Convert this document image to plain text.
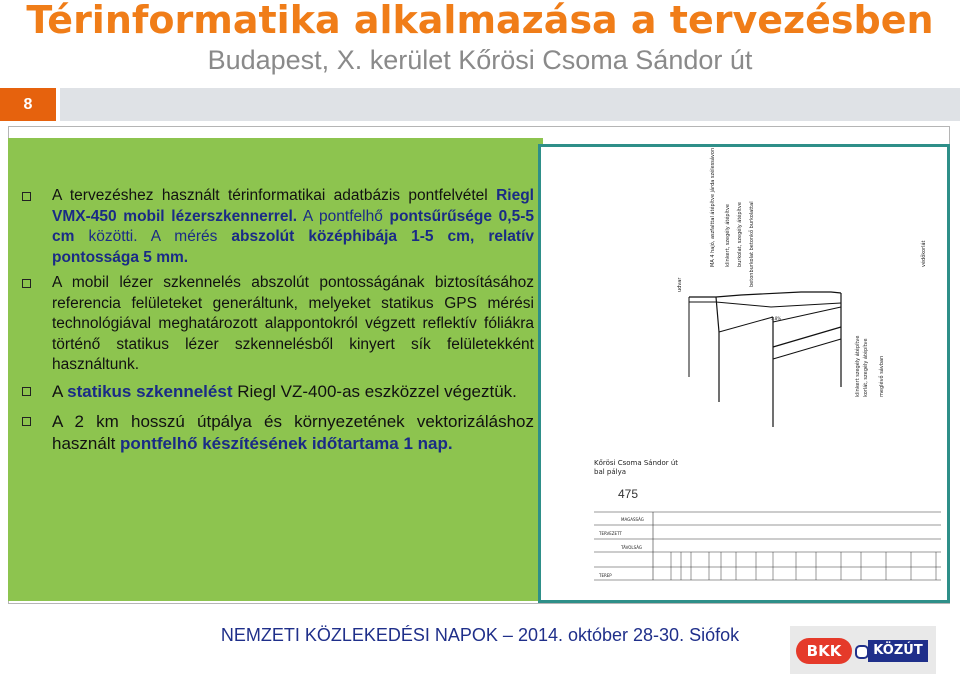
Térinformatika alkalmazása a tervezésben
Budapest, X. kerület Kőrösi Csoma Sándor út
8
MA 4 hajó, aszfalttal átépítve járda szélessávon klinkert, szegély átépítve burkolat, szegély átépítve betonburkolat betonkő burkolattal	védőkorlát
klinkert szegély átépítve korlát, szegély átépítve meglévő sávban
udvar
3.8%
Kőrösi Csoma Sándor út
bal pálya
475
MAGASSÁG
TERVEZETT
TÁVOLSÁG
TEREP
A tervezéshez használt térinformatikai adatbázis pontfelvétel Riegl VMX-450 mobil lézerszkennerrel. A pontfelhő pontsűrűsége 0,5-5 cm közötti. A mérés abszolút középhibája 1-5 cm, relatív pontossága 5 mm.
A mobil lézer szkennelés abszolút pontosságának biztosításához referencia felületeket generáltunk, melyeket statikus GPS mérési technológiával meghatározott alappontokról végzett reflektív fóliákra történő statikus lézer szkennelésből kinyert sík felületekként használtunk.
A statikus szkennelést Riegl VZ-400-as eszközzel végeztük.
A 2 km hosszú útpálya és környezetének vektorizáláshoz használt pontfelhő készítésének időtartama 1 nap.
NEMZETI KÖZLEKEDÉSI NAPOK – 2014. október 28-30. Siófok
BKK	KÖZÚT
